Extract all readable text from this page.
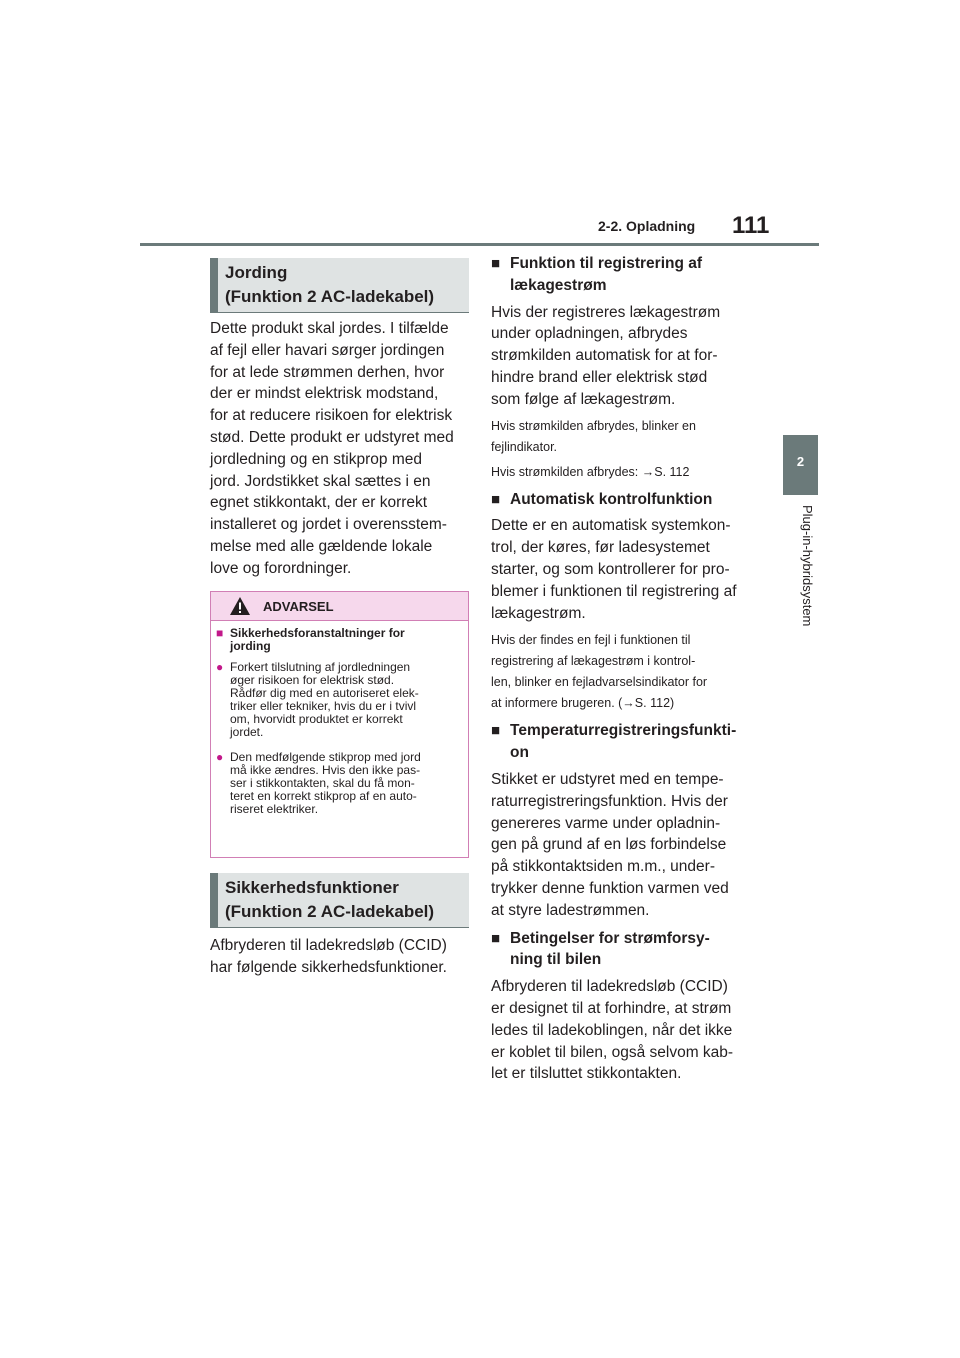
2-2. Opladning 111
2
Plug-in-hybridsystem
Jording
(Funktion 2 AC-ladekabel)

Dette produkt skal jordes. I tilfælde

af fejl eller havari sørger jordingen

for at lede strømmen derhen, hvor

der er mindst elektrisk modstand,

for at reducere risikoen for elektrisk

stød. Dette produkt er udstyret med

jordledning og en stikprop med

jord. Jordstikket skal sættes i en

egnet stikkontakt, der er korrekt

installeret og jordet i overensstem-

melse med alle gældende lokale

love og forordninger.

ADVARSEL
■ Sikkerhedsforanstaltninger for
jording
● Forkert tilslutning af jordledningen
øger risikoen for elektrisk stød.
Rådfør dig med en autoriseret elek-
triker eller tekniker, hvis du er i tvivl
om, hvorvidt produktet er korrekt
jordet.
● Den medfølgende stikprop med jord
må ikke ændres. Hvis den ikke pas-
ser i stikkontakten, skal du få mon-
teret en korrekt stikprop af en auto-
riseret elektriker.
Sikkerhedsfunktioner
(Funktion 2 AC-ladekabel)

Afbryderen til ladekredsløb (CCID)

har følgende sikkerhedsfunktioner.

■ Funktion til registrering af
lækagestrøm

Hvis der registreres lækagestrøm

under opladningen, afbrydes

strømkilden automatisk for at for-

hindre brand eller elektrisk stød

som følge af lækagestrøm.

Hvis strømkilden afbrydes, blinker en

fejlindikator.

Hvis strømkilden afbrydes: →S. 112

■ Automatisk kontrolfunktion

Dette er en automatisk systemkon-

trol, der køres, før ladesystemet

starter, og som kontrollerer for pro-

blemer i funktionen til registrering af

lækagestrøm.

Hvis der findes en fejl i funktionen til

registrering af lækagestrøm i kontrol-

len, blinker en fejladvarselsindikator for

at informere brugeren. (→S. 112)

■ Temperaturregistreringsfunkti-
on

Stikket er udstyret med en tempe-

raturregistreringsfunktion. Hvis der

genereres varme under opladnin-

gen på grund af en løs forbindelse

på stikkontaktsiden m.m., under-

trykker denne funktion varmen ved

at styre ladestrømmen.

■ Betingelser for strømforsy-
ning til bilen

Afbryderen til ladekredsløb (CCID)

er designet til at forhindre, at strøm

ledes til ladekoblingen, når det ikke

er koblet til bilen, også selvom kab-

let er tilsluttet stikkontakten.
